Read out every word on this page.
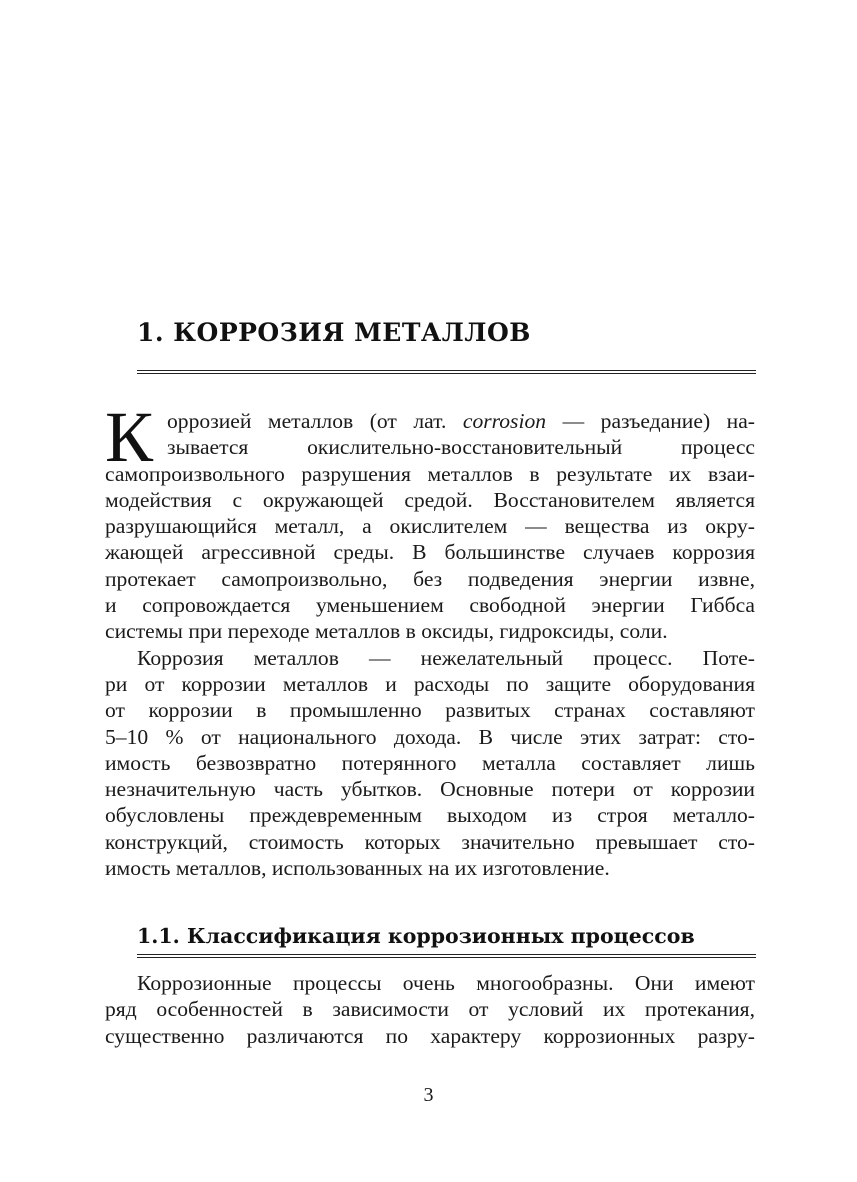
1. КОРРОЗИЯ МЕТАЛЛОВ
К оррозией металлов (от лат. corrosion — разъедание) на-
зывается окислительно-восстановительный процесс
самопроизвольного разрушения металлов в результате их взаи-
модействия с окружающей средой. Восстановителем является
разрушающийся металл, а окислителем — вещества из окру-
жающей агрессивной среды. В большинстве случаев коррозия
протекает самопроизвольно, без подведения энергии извне,
и сопровождается уменьшением свободной энергии Гиббса
системы при переходе металлов в оксиды, гидроксиды, соли.
Коррозия металлов — нежелательный процесс. Поте-
ри от коррозии металлов и расходы по защите оборудования
от коррозии в промышленно развитых странах составляют
5–10 % от национального дохода. В числе этих затрат: сто-
имость безвозвратно потерянного металла составляет лишь
незначительную часть убытков. Основные потери от коррозии
обусловлены преждевременным выходом из строя металло-
конструкций, стоимость которых значительно превышает сто-
имость металлов, использованных на их изготовление.
1.1. Классификация коррозионных процессов
Коррозионные процессы очень многообразны. Они имеют
ряд особенностей в зависимости от условий их протекания,
существенно различаются по характеру коррозионных разру-
3
